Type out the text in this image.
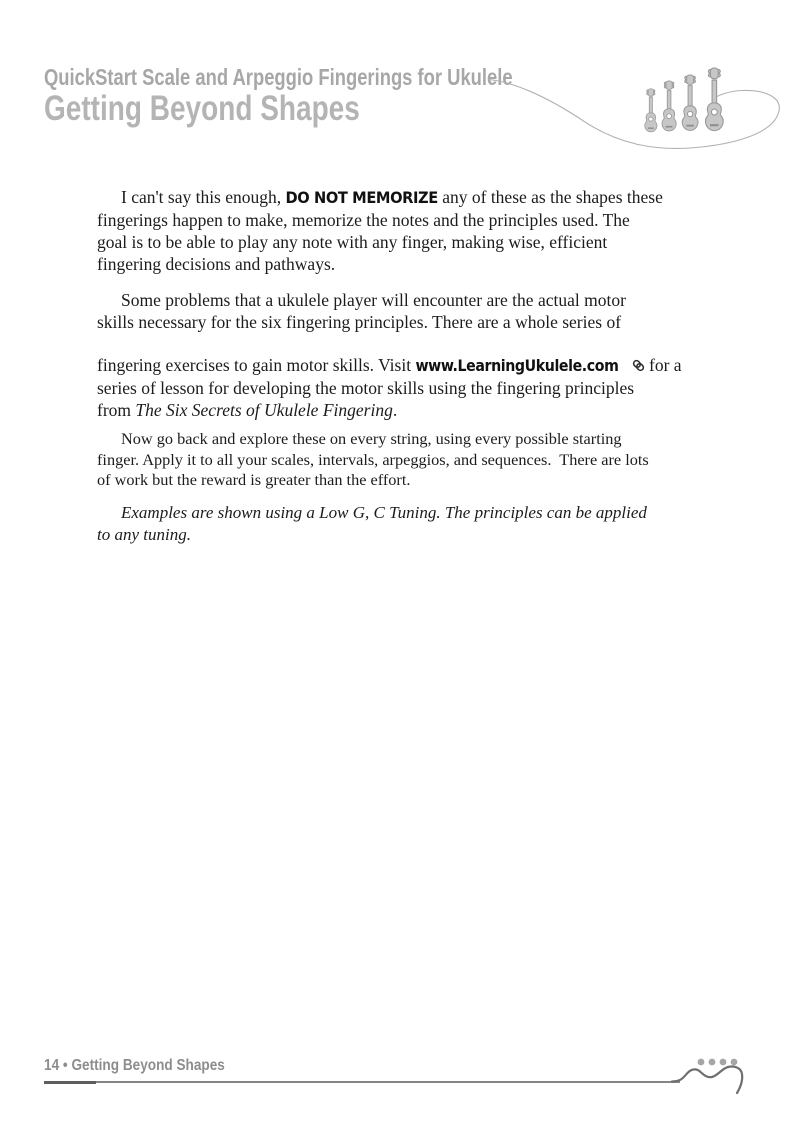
QuickStart Scale and Arpeggio Fingerings for Ukulele
Getting Beyond Shapes

I can't say this enough, DO NOT MEMORIZE any of these as the shapes these
fingerings happen to make, memorize the notes and the principles used. The
goal is to be able to play any note with any finger, making wise, efficient
fingering decisions and pathways.

Some problems that a ukulele player will encounter are the actual motor
skills necessary for the six fingering principles. There are a whole series of
fingering exercises to gain motor skills. Visit www.LearningUkulele.com

for a
series of lesson for developing the motor skills using the fingering principles
from The Six Secrets of Ukulele Fingering.

Now go back and explore these on every string, using every possible starting
finger. Apply it to all your scales, intervals, arpeggios, and sequences.  There are lots
of work but the reward is greater than the effort.

Examples are shown using a Low G, C Tuning. The principles can be applied
to any tuning.

14 • Getting Beyond Shapes
